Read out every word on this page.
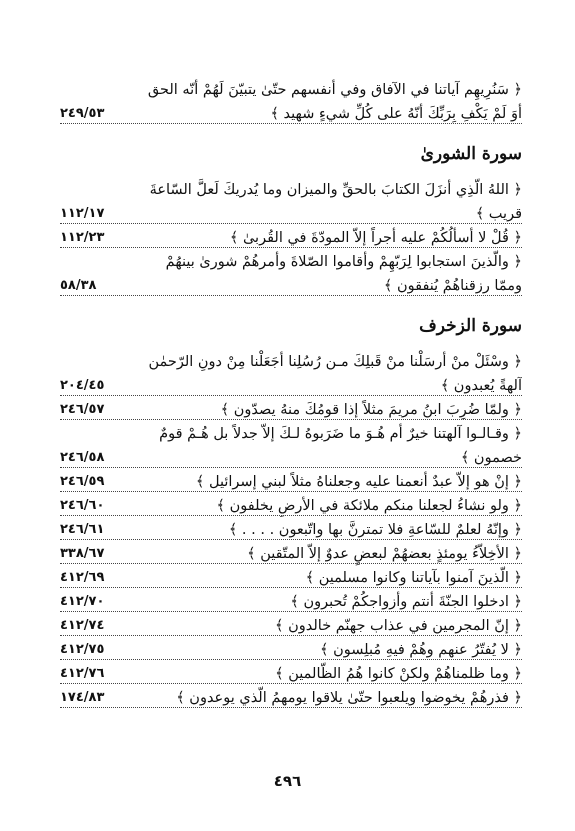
﴿ سَنُرِيهِم آياتنا في الآفاق وفي أنفسهم حتّىٰ يتبيّنَ لَهُمْ أنّه الحق
أوَ لَمْ يَكْفِ بِرَبِّكَ أنّهُ على كُلِّ شيءٍ شهيد ﴾
٢٤٩/٥٣
سورة الشورىٰ
﴿ اللهُ الّذِي أنزَلَ الكتابَ بالحقِّ والميزان وما يُدريكَ لَعلَّ السّاعةَ
قريب ﴾
١١٢/١٧
﴿ قُلْ لا أسألُكُمْ عليه أجراً إلاّ المودّةَ في القُربىٰ ﴾
١١٢/٢٣
﴿ والّذينَ استجابوا لِرَبّهِمْ وأقاموا الصّلاةَ وأمرهُمْ شورىٰ بينهُمْ
وممّا رزقناهُمْ يُنفقون ﴾
٥٨/٣٨
سورة الزخرف
﴿ وسْئَلْ منْ أرسَلْنا منْ قَبلِكَ مـن رُسُلِنا أجَعَلْنا مِنْ دونِ الرّحمٰن
آلهةً يُعبدون ﴾
٢٠٤/٤٥
﴿ ولمّا ضُرِبَ ابنُ مريمَ مثلاً إذا قومُكَ منهُ يصدّون ﴾
٢٤٦/٥٧
﴿ وقـالـوا آلهتنا خيرٌ أم هُـوَ ما ضَرَبوهُ لـكَ إلاّ جدلاً بل هُـمْ قومٌ
خصمون ﴾
٢٤٦/٥٨
﴿ إنْ هو إلاّ عبدٌ أنعمنا عليه وجعلناهُ مثلاً لبني إسرائيل ﴾
٢٤٦/٥٩
﴿ ولو نشاءُ لجعلنا منكم ملائكة في الأرضِ يخلفون ﴾
٢٤٦/٦٠
﴿ وإنّهُ لعلمٌ للسّاعةِ فلا تمترنَّ بها واتّبعون . . . . ﴾
٢٤٦/٦١
﴿ الأخِلاّءُ يومئذٍ بعضهُمْ لبعضٍ عدوٌ إلاّ المتّقين ﴾
٣٣٨/٦٧
﴿ الّذينَ آمنوا بآياتنا وكانوا مسلمين ﴾
٤١٢/٦٩
﴿ ادخلوا الجنّةَ أنتم وأزواجكُمْ تُحبرون ﴾
٤١٢/٧٠
﴿ إنّ المجرمين في عذاب جهنّم خالدون ﴾
٤١٢/٧٤
﴿ لا يُفتّرُ عنهم وهُمْ فيهِ مُبلِسون ﴾
٤١٢/٧٥
﴿ وما ظلمناهُمْ ولكنْ كانوا هُمُ الظّالمين ﴾
٤١٢/٧٦
﴿ فذرهُمْ يخوضوا ويلعبوا حتّىٰ يلاقوا يومهمُ الّذي يوعدون ﴾
١٧٤/٨٣
٤٩٦
